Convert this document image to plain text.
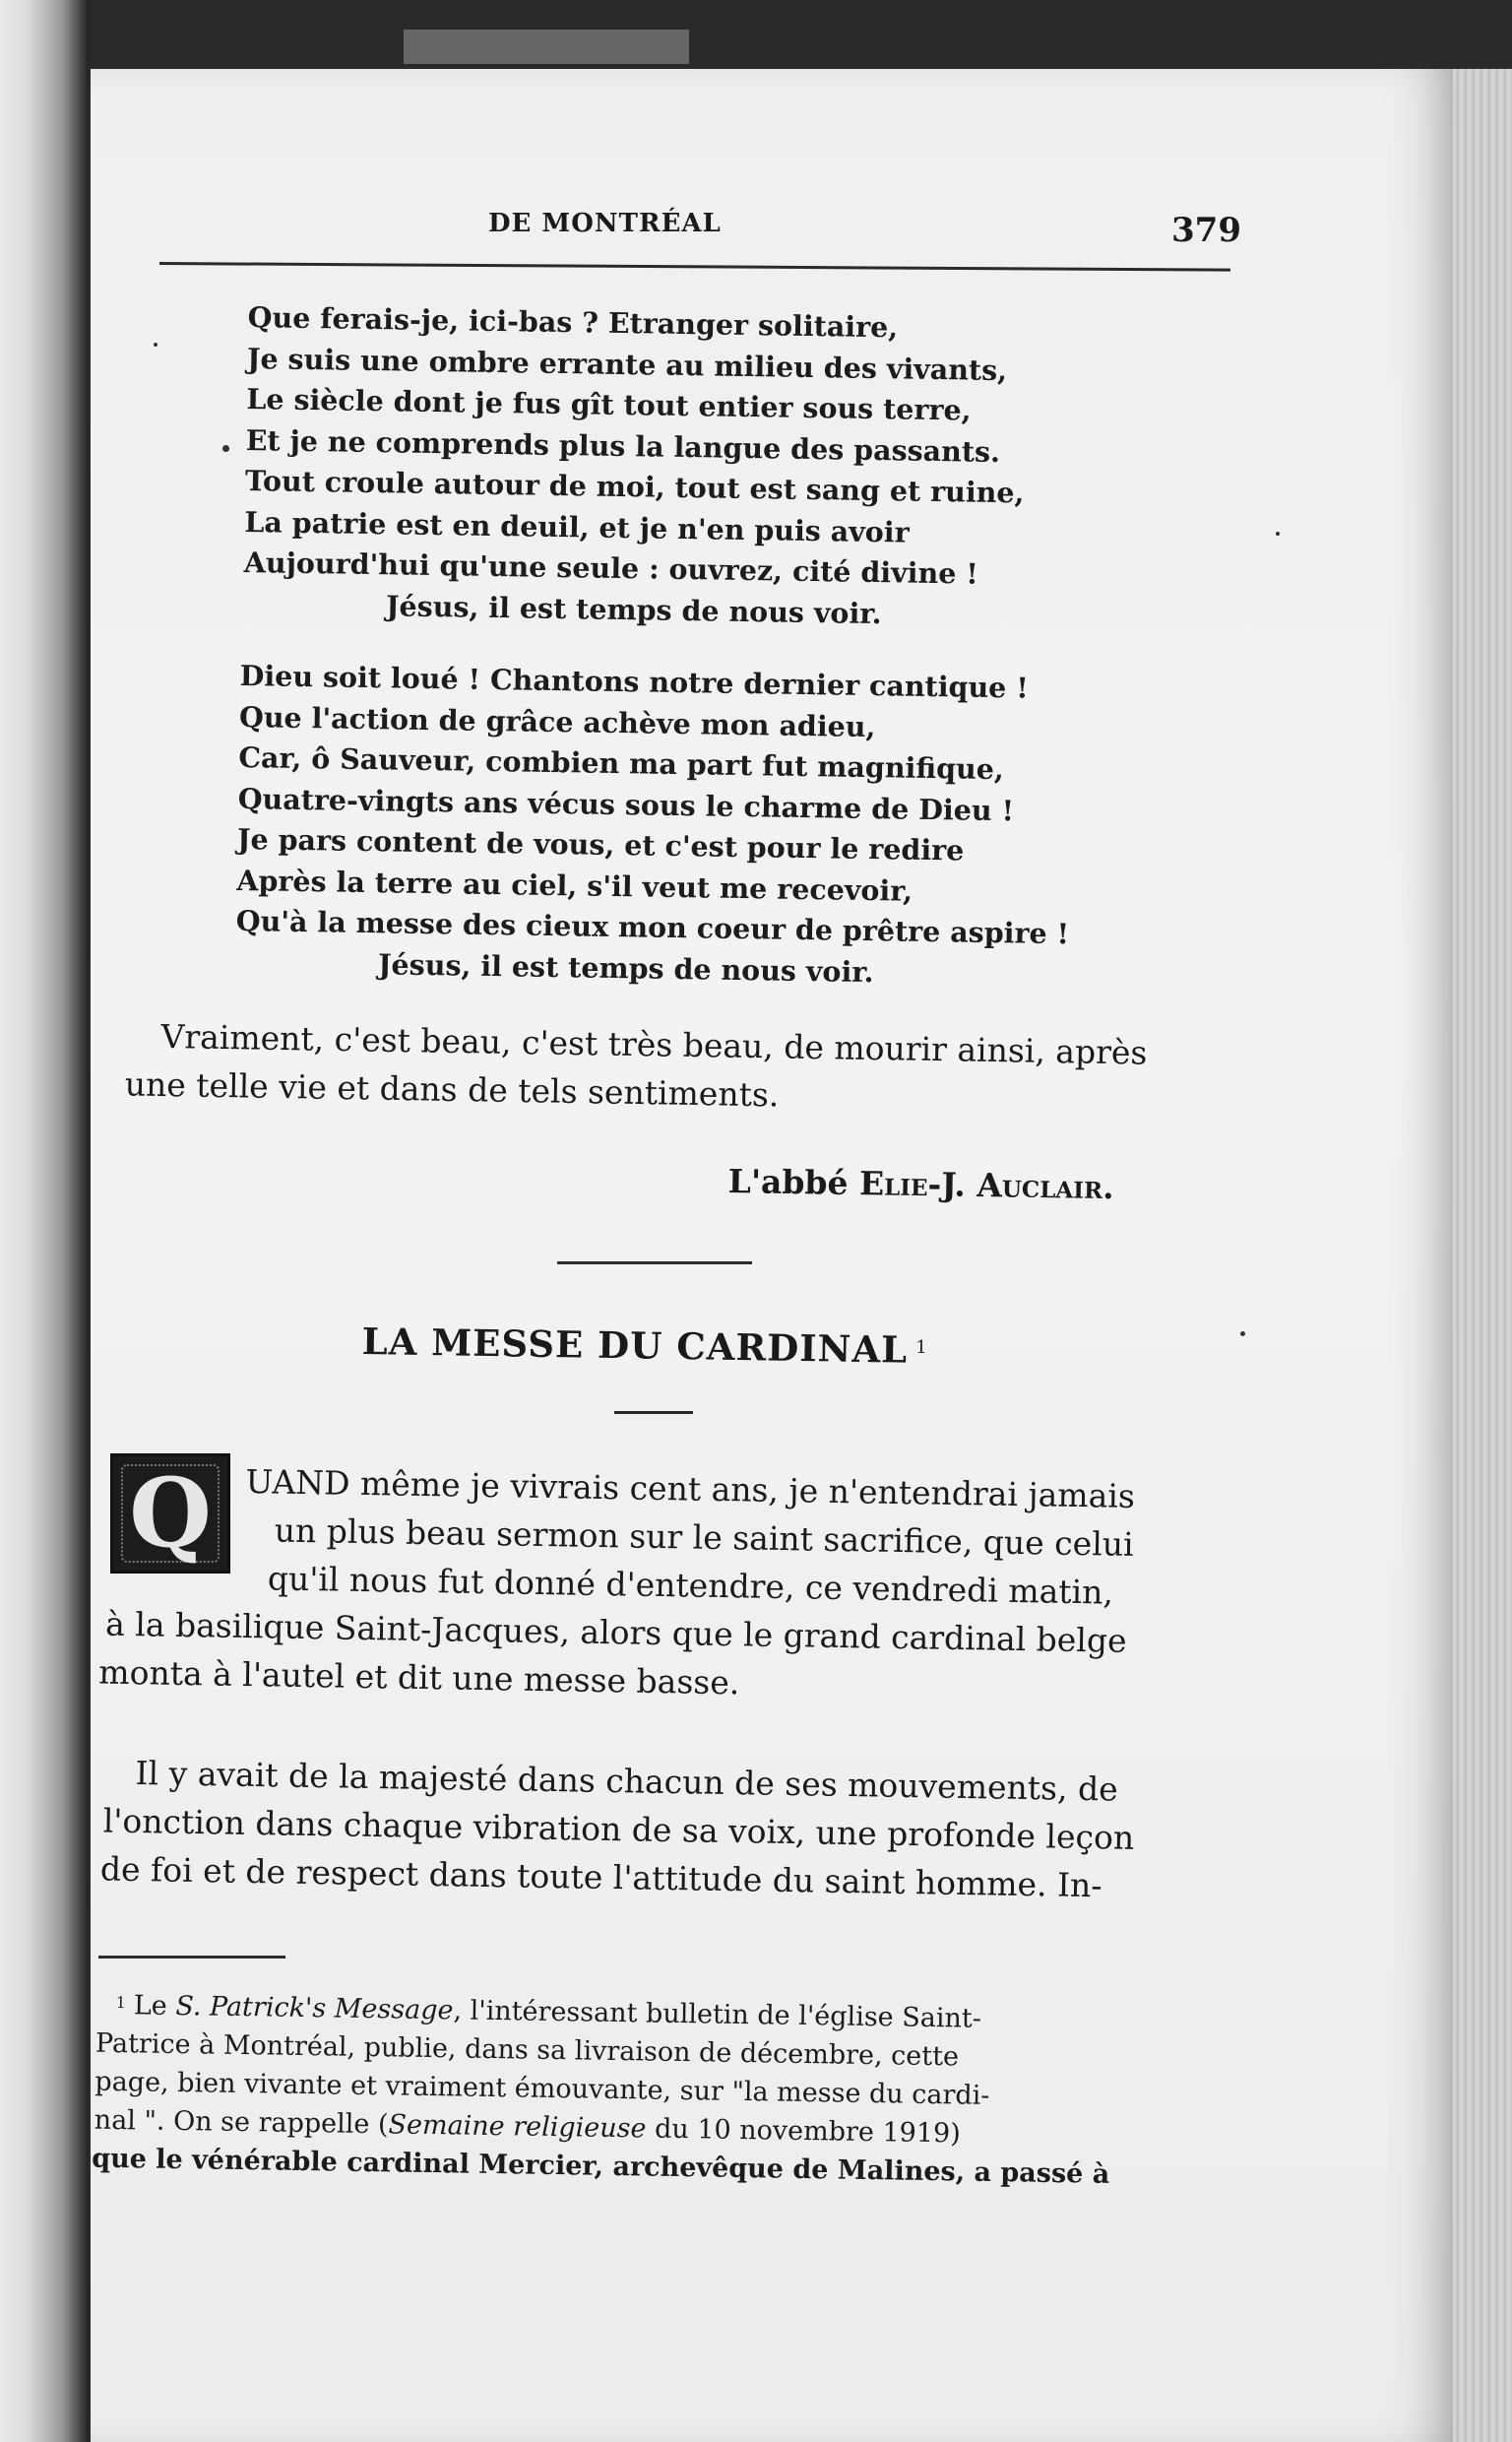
DE MONTRÉAL	379
Que ferais-je, ici-bas ? Etranger solitaire,
Je suis une ombre errante au milieu des vivants,
Le siècle dont je fus gît tout entier sous terre,
Et je ne comprends plus la langue des passants.
Tout croule autour de moi, tout est sang et ruine,
La patrie est en deuil, et je n'en puis avoir
Aujourd'hui qu'une seule : ouvrez, cité divine !
Jésus, il est temps de nous voir.
Dieu soit loué ! Chantons notre dernier cantique !
Que l'action de grâce achève mon adieu,
Car, ô Sauveur, combien ma part fut magnifique,
Quatre-vingts ans vécus sous le charme de Dieu !
Je pars content de vous, et c'est pour le redire
Après la terre au ciel, s'il veut me recevoir,
Qu'à la messe des cieux mon coeur de prêtre aspire !
Jésus, il est temps de nous voir.
Vraiment, c'est beau, c'est très beau, de mourir ainsi, après
une telle vie et dans de tels sentiments.
L'abbé Elie-J. Auclair.
LA MESSE DU CARDINAL $^1$
Q	UAND même je vivrais cent ans, je n'entendrai jamais
un plus beau sermon sur le saint sacrifice, que celui
qu'il nous fut donné d'entendre, ce vendredi matin,
à la basilique Saint-Jacques, alors que le grand cardinal belge
monta à l'autel et dit une messe basse.
Il y avait de la majesté dans chacun de ses mouvements, de
l'onction dans chaque vibration de sa voix, une profonde leçon
de foi et de respect dans toute l'attitude du saint homme. In-
$^1$ Le S. Patrick's Message, l'intéressant bulletin de l'église Saint-
Patrice à Montréal, publie, dans sa livraison de décembre, cette
page, bien vivante et vraiment émouvante, sur "la messe du cardi-
nal ". On se rappelle (Semaine religieuse du 10 novembre 1919)
que le vénérable cardinal Mercier, archevêque de Malines, a passé à
